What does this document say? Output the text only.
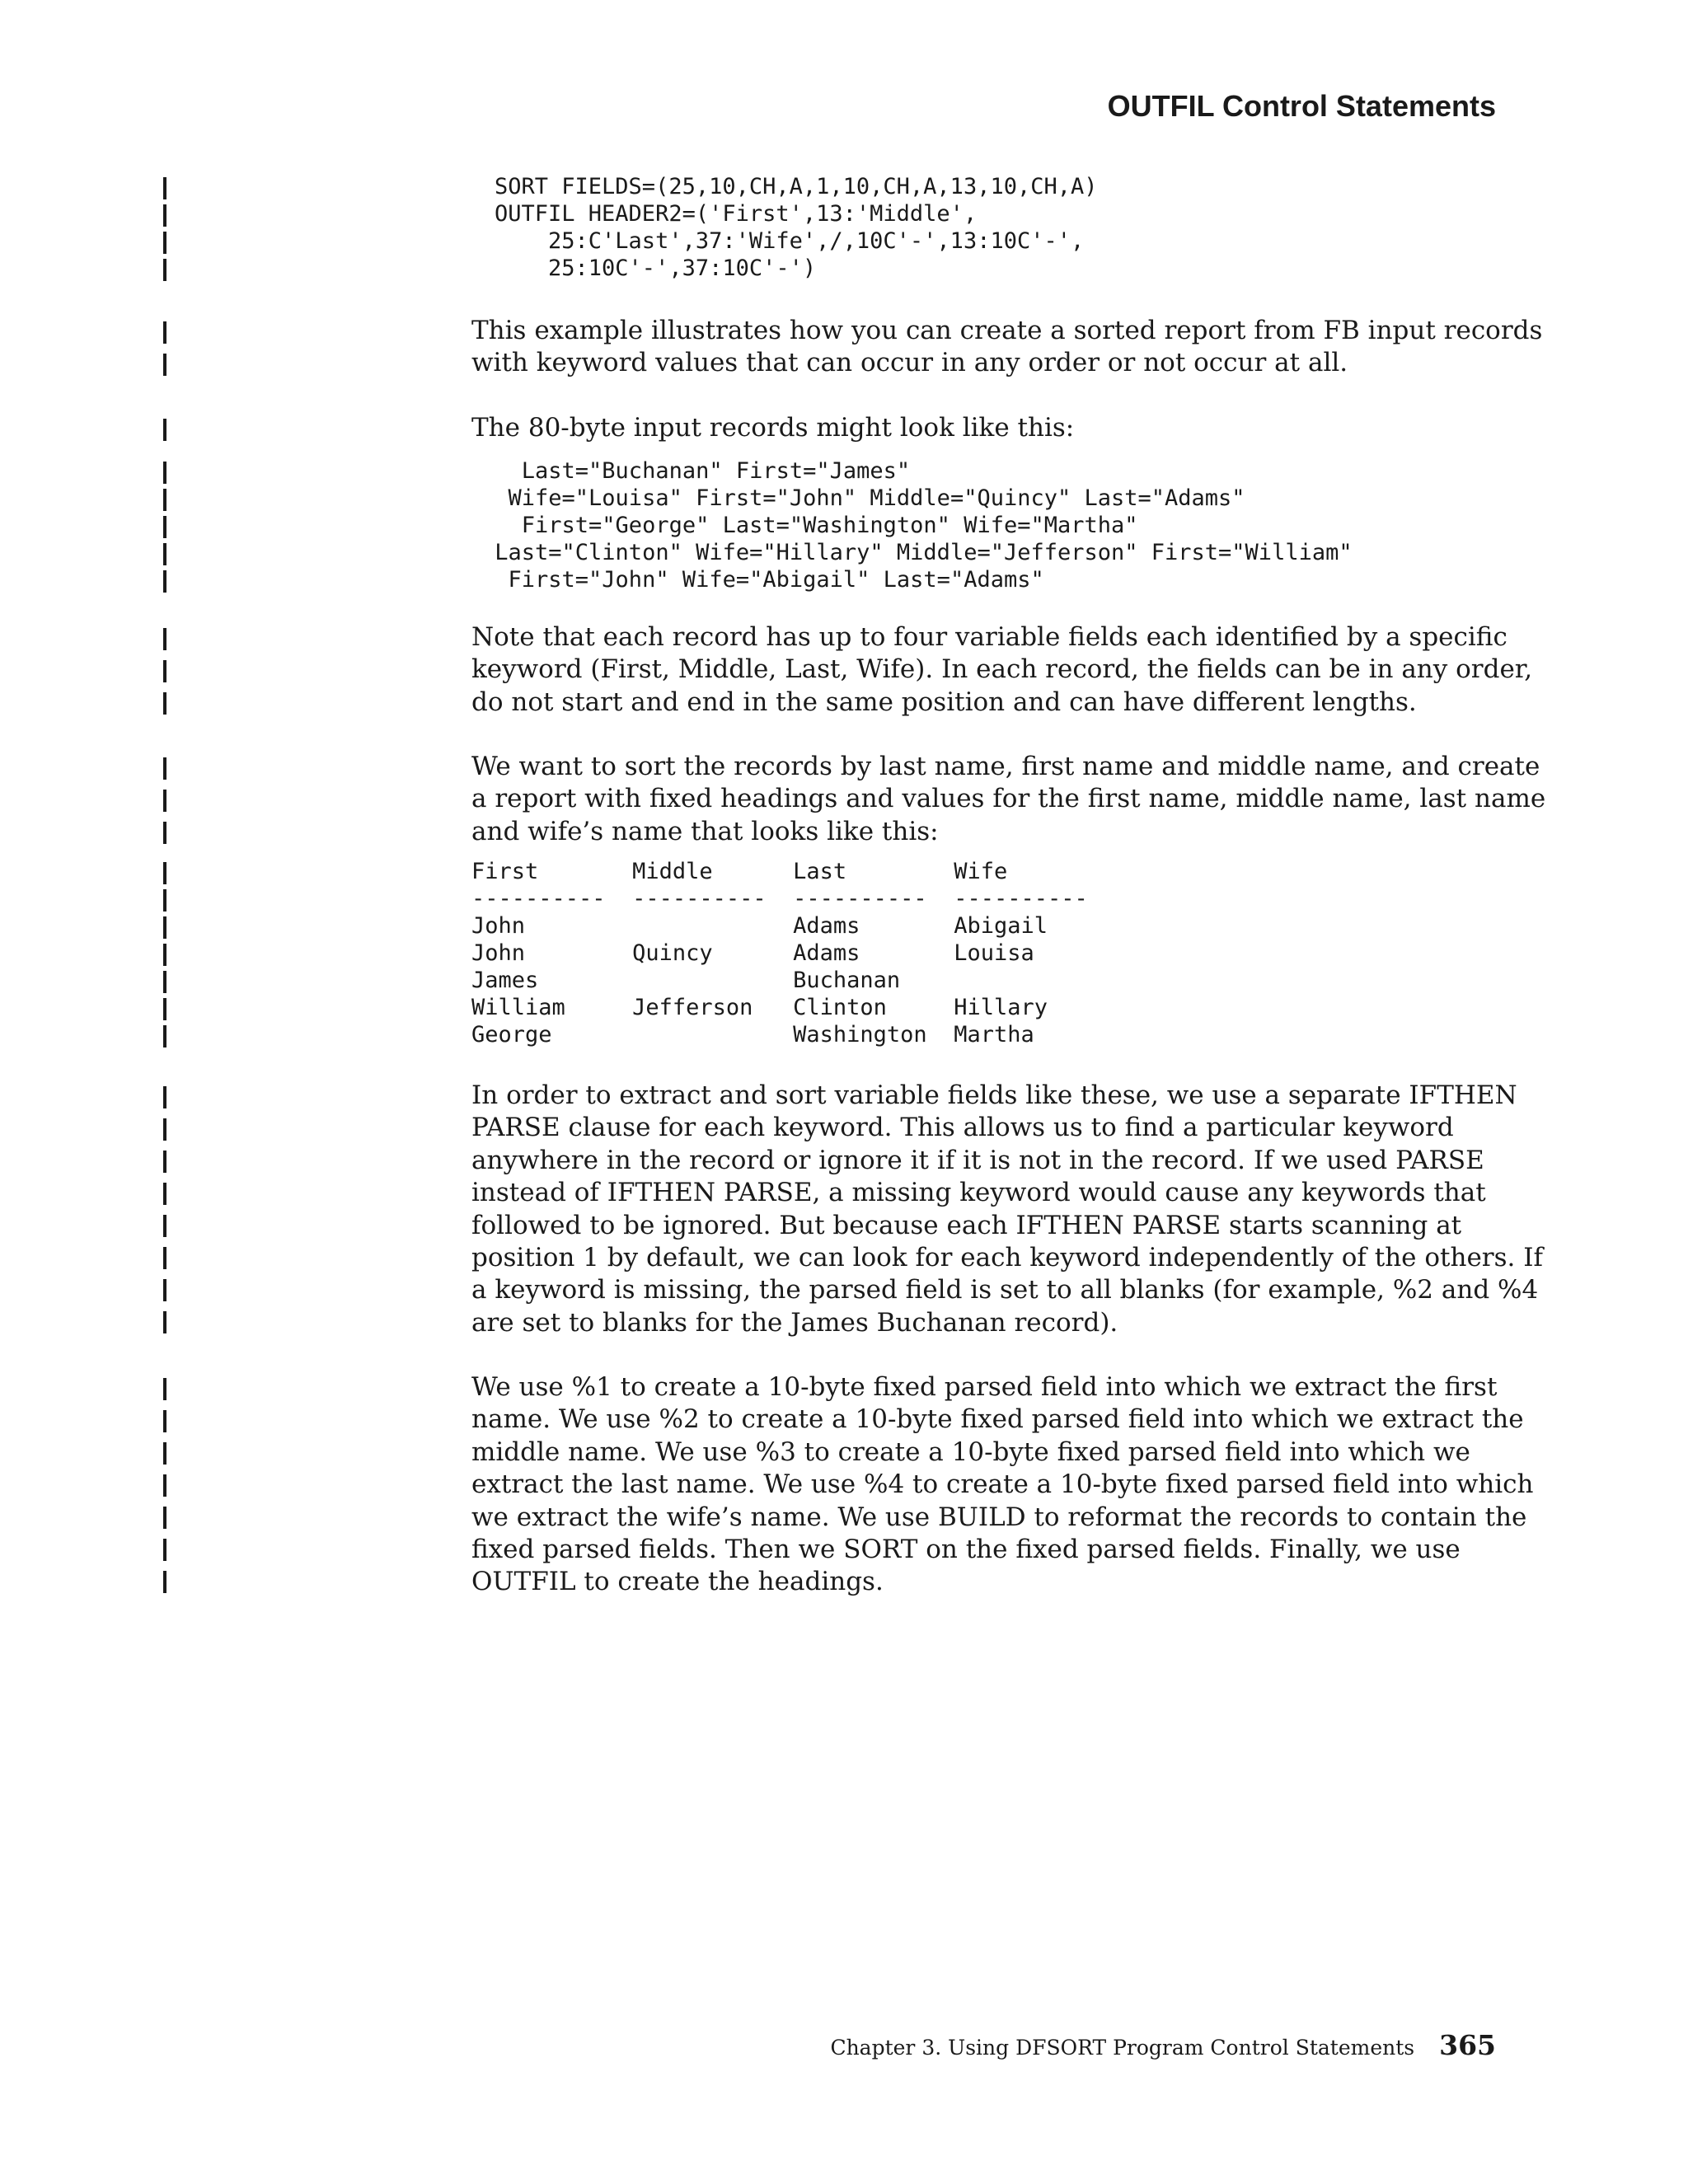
OUTFIL Control Statements
SORT FIELDS=(25,10,CH,A,1,10,CH,A,13,10,CH,A)
OUTFIL HEADER2=('First',13:'Middle',
25:C'Last',37:'Wife',/,10C'-',13:10C'-',
25:10C'-',37:10C'-')
This example illustrates how you can create a sorted report from FB input records
with keyword values that can occur in any order or not occur at all.
The 80-byte input records might look like this:
Last="Buchanan" First="James"
Wife="Louisa" First="John" Middle="Quincy" Last="Adams"
First="George" Last="Washington" Wife="Martha"
Last="Clinton" Wife="Hillary" Middle="Jefferson" First="William"
First="John" Wife="Abigail" Last="Adams"
Note that each record has up to four variable fields each identified by a specific
keyword (First, Middle, Last, Wife). In each record, the fields can be in any order,
do not start and end in the same position and can have different lengths.
We want to sort the records by last name, first name and middle name, and create
a report with fixed headings and values for the first name, middle name, last name
and wife’s name that looks like this:
First       Middle      Last        Wife
----------  ----------  ----------  ----------
John                    Adams       Abigail
John        Quincy      Adams       Louisa
James                   Buchanan
William     Jefferson   Clinton     Hillary
George                  Washington  Martha
In order to extract and sort variable fields like these, we use a separate IFTHEN
PARSE clause for each keyword. This allows us to find a particular keyword
anywhere in the record or ignore it if it is not in the record. If we used PARSE
instead of IFTHEN PARSE, a missing keyword would cause any keywords that
followed to be ignored. But because each IFTHEN PARSE starts scanning at
position 1 by default, we can look for each keyword independently of the others. If
a keyword is missing, the parsed field is set to all blanks (for example, %2 and %4
are set to blanks for the James Buchanan record).
We use %1 to create a 10-byte fixed parsed field into which we extract the first
name. We use %2 to create a 10-byte fixed parsed field into which we extract the
middle name. We use %3 to create a 10-byte fixed parsed field into which we
extract the last name. We use %4 to create a 10-byte fixed parsed field into which
we extract the wife’s name. We use BUILD to reformat the records to contain the
fixed parsed fields. Then we SORT on the fixed parsed fields. Finally, we use
OUTFIL to create the headings.
Chapter 3. Using DFSORT Program Control Statements 365
